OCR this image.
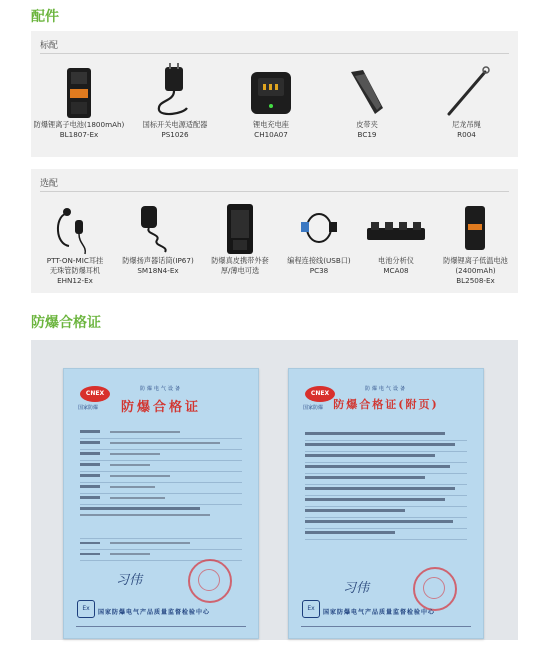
配件
标配
防爆锂离子电池(1800mAh)
BL1807-Ex
国标开关电源适配器
PS1026
锂电充电座
CH10A07
皮带夹
BC19
尼龙吊绳
R004
选配
PTT-ON-MIC耳挂
无珠管防爆耳机
EHN12-Ex
防爆扬声器话筒(IP67)
SM18N4-Ex
防爆真皮携带外套
厚/薄电可选
编程连接线(USB口)
PC38
电池分析仪
MCA08
防爆锂离子低温电池
(2400mAh)
BL2508-Ex
防爆合格证
CNEX
国家防爆
防爆电气设备
防爆合格证
习伟
Ex
国家防爆电气产品质量监督检验中心
CNEX
国家防爆
防爆电气设备
防爆合格证(附页)
习伟
Ex
国家防爆电气产品质量监督检验中心
